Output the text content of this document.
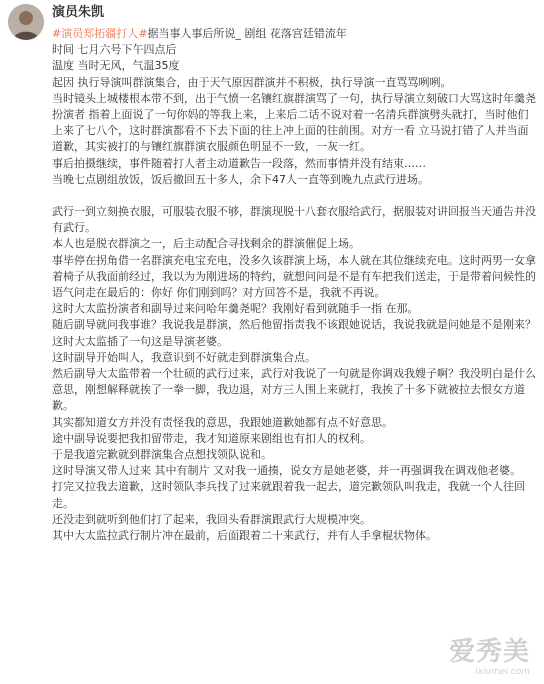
演员朱凯

#演员郑拓疆打人#据当事人事后所说_ 剧组 花落宫廷错流年

时间 七月六号下午四点后

温度 当时无风，气温35度

起因 执行导演叫群演集合，由于天气原因群演并不积极，执行导演一直骂骂咧咧。

当时镜头上城楼根本带不到，出于气愤一名镶红旗群演骂了一句，执行导演立刻破口大骂这时年羹尧扮演者 指着上面说了一句你妈的等我上来，上来后二话不说对着一名清兵群演劈头就打，当时他们上来了七八个，这时群演都看不下去下面的往上冲上面的往前围。对方一看 立马说打错了人并当面道歉，其实被打的与镶红旗群演衣服颜色明显不一致，一灰一红。

事后拍摄继续，事件随着打人者主动道歉告一段落，然而事情并没有结束……

当晚七点剧组放饭，饭后撤回五十多人，余下47人一直等到晚九点武行进场。

武行一到立刻换衣服，可服装衣服不够，群演现脱十八套衣服给武行，据服装对讲回报当天通告并没有武行。

本人也是脱衣群演之一，后主动配合寻找剩余的群演催促上场。

事毕停在拐角借一名群演充电宝充电，没多久该群演上场，本人就在其位继续充电。这时两男一女拿着椅子从我面前经过，我以为为刚进场的特约，就想问问是不是有车把我们送走，于是带着问候性的语气问走在最后的：你好 你们刚到吗？对方回答不是，我就不再说。

这时大太监扮演者和副导过来问哈年羹尧呢？我刚好看到就随手一指 在那。

随后副导就问我事谁？我说我是群演，然后他留指责我不该跟她说话，我说我就是问她是不是刚来？这时大太监插了一句这是导演老婆。

这时副导开始叫人，我意识到不好就走到群演集合点。

然后副导大太监带着一个壮硕的武行过来，武行对我说了一句就是你调戏我嫂子啊？我没明白是什么意思，刚想解释就挨了一拳一脚，我边退，对方三人围上来就打，我挨了十多下就被拉去恨女方道歉。

其实都知道女方并没有责怪我的意思，我跟她道歉她都有点不好意思。

途中副导说要把我扣留带走，我才知道原来剧组也有扣人的权利。

于是我道完歉就到群演集合点想找领队说和。

这时导演又带人过来 其中有制片 又对我一通揍，说女方是她老婆，并一再强调我在调戏他老婆。

打完又拉我去道歉，这时领队李兵找了过来就跟着我一起去，道完歉领队叫我走，我就一个人往回走。

还没走到就听到他们打了起来，我回头看群演跟武行大规模冲突。

其中大太监拉武行制片冲在最前，后面跟着二十来武行，并有人手拿棍状物体。

爱秀美
ixiumei.com
